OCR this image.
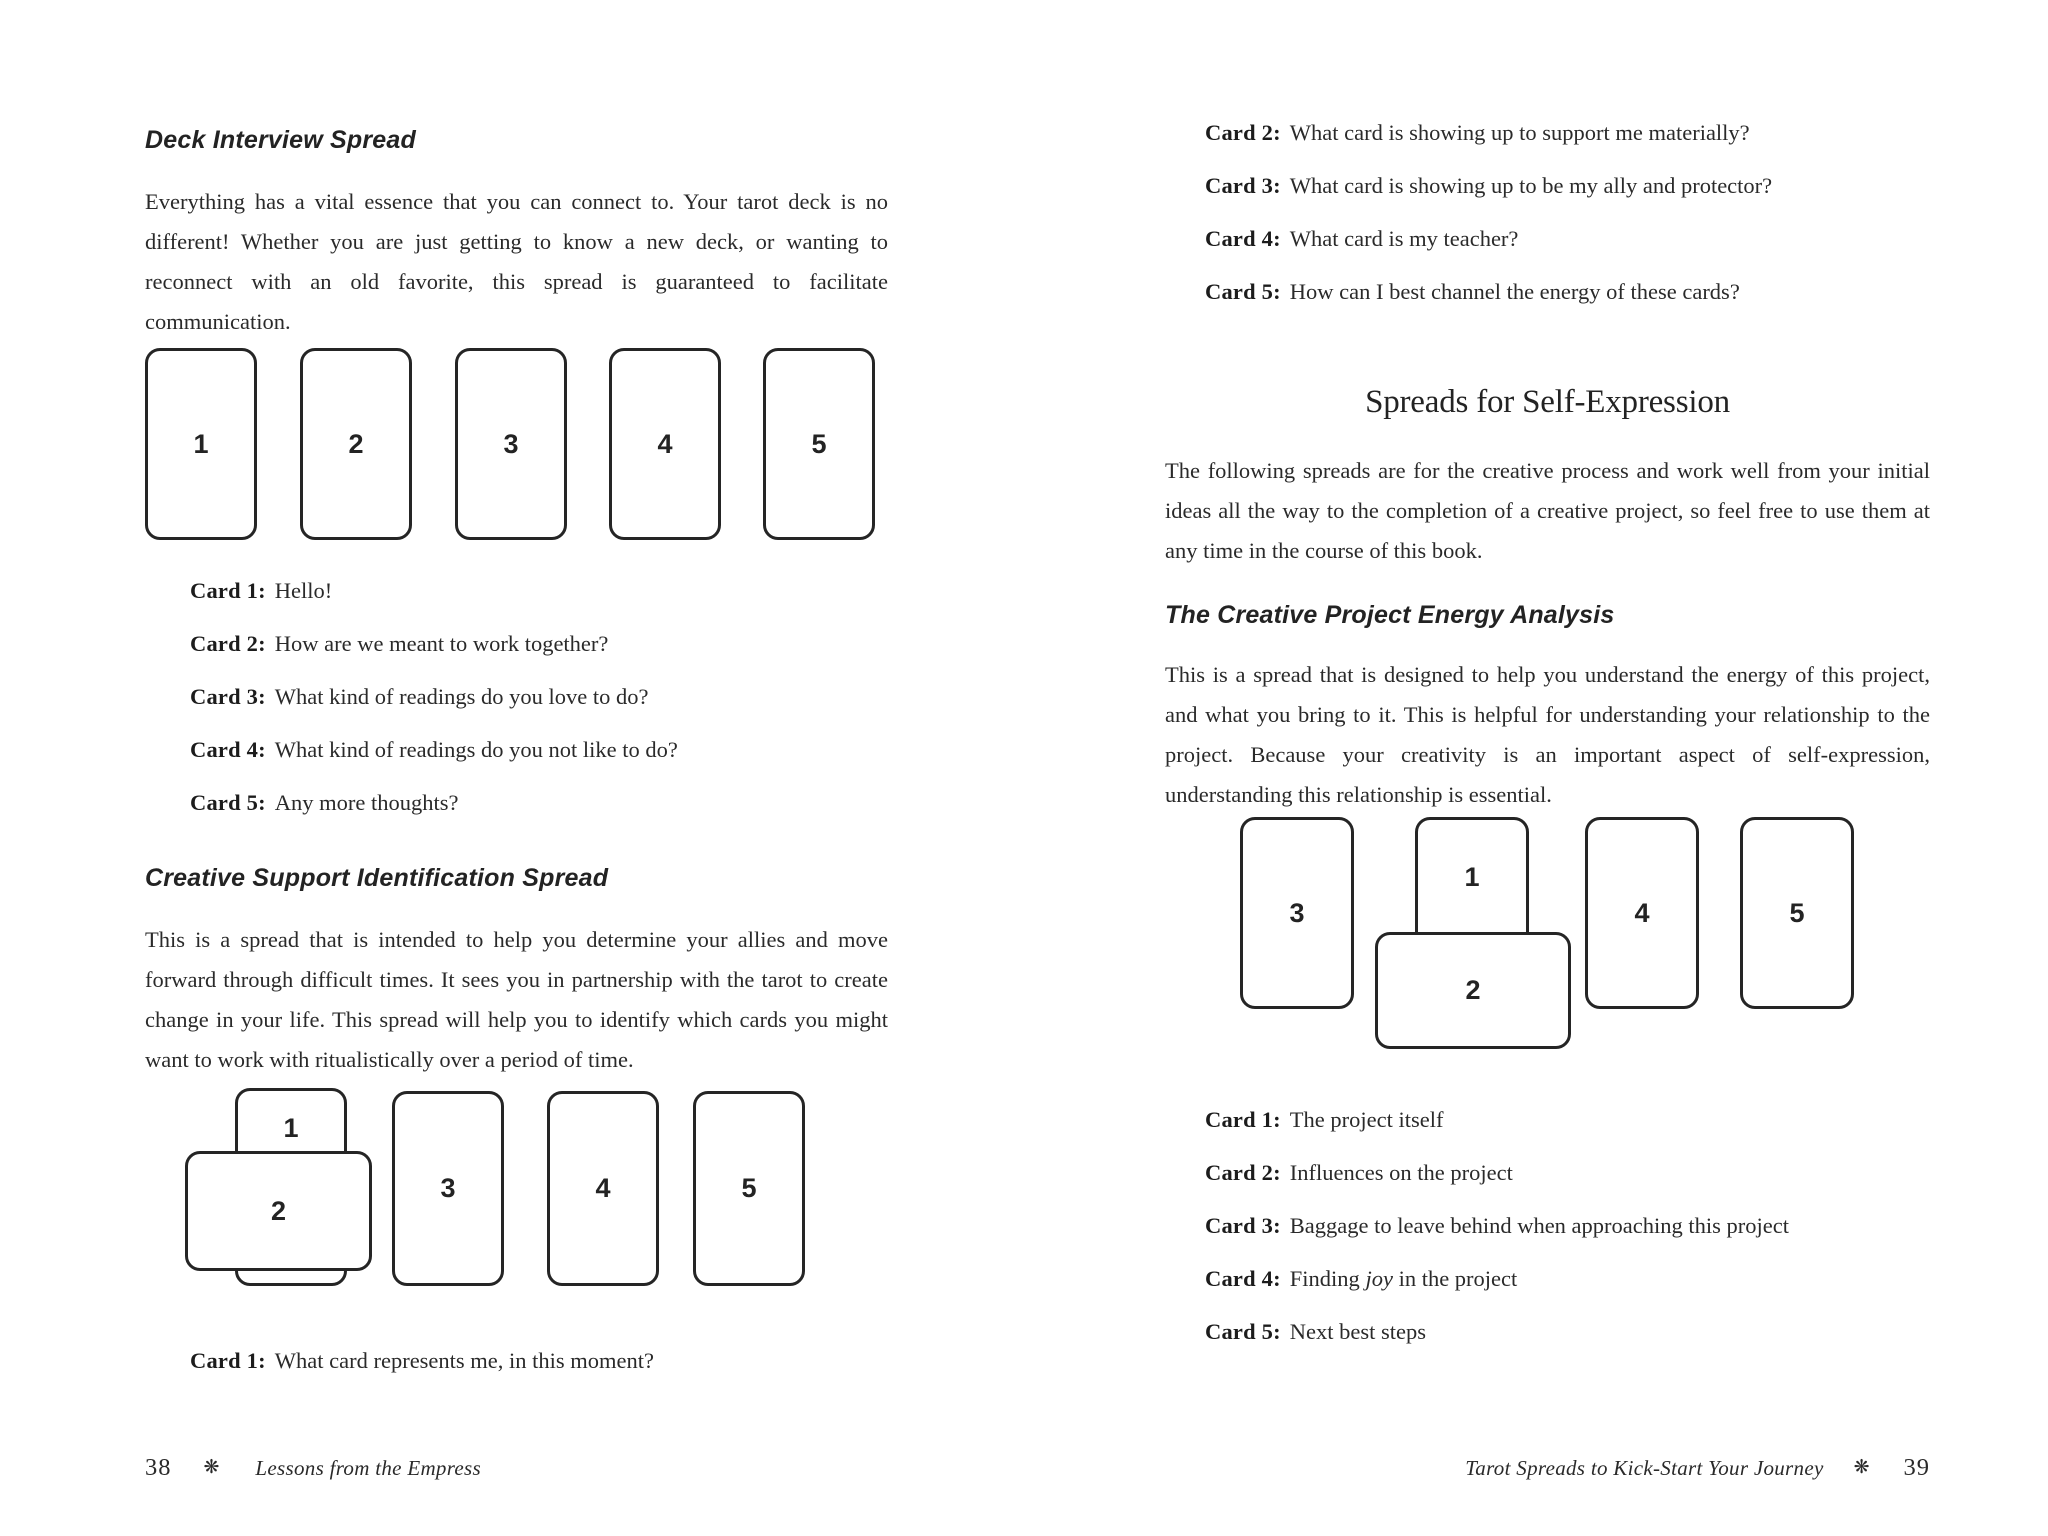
Deck Interview Spread

Everything has a vital essence that you can connect to. Your tarot deck is no different! Whether you are just getting to know a new deck, or wanting to reconnect with an old favorite, this spread is guaranteed to facilitate communication.

1	2	3	4	5

Card 1: Hello!

Card 2: How are we meant to work together?

Card 3: What kind of readings do you love to do?

Card 4: What kind of readings do you not like to do?

Card 5: Any more thoughts?

Creative Support Identification Spread

This is a spread that is intended to help you determine your allies and move forward through difficult times. It sees you in partnership with the tarot to create change in your life. This spread will help you to identify which cards you might want to work with ritualistically over a period of time.

1
2
3	4	5

Card 1: What card represents me, in this moment?

38 ❋ Lessons from the Empress

Card 2: What card is showing up to support me materially?

Card 3: What card is showing up to be my ally and protector?

Card 4: What card is my teacher?

Card 5: How can I best channel the energy of these cards?

Spreads for Self-Expression

The following spreads are for the creative process and work well from your initial ideas all the way to the completion of a creative project, so feel free to use them at any time in the course of this book.

The Creative Project Energy Analysis

This is a spread that is designed to help you understand the energy of this project, and what you bring to it. This is helpful for understanding your relationship to the project. Because your creativity is an important aspect of self-expression, understanding this relationship is essential.

3
1
2
4	5

Card 1: The project itself

Card 2: Influences on the project

Card 3: Baggage to leave behind when approaching this project

Card 4: Finding joy in the project

Card 5: Next best steps

Tarot Spreads to Kick-Start Your Journey ❋ 39
